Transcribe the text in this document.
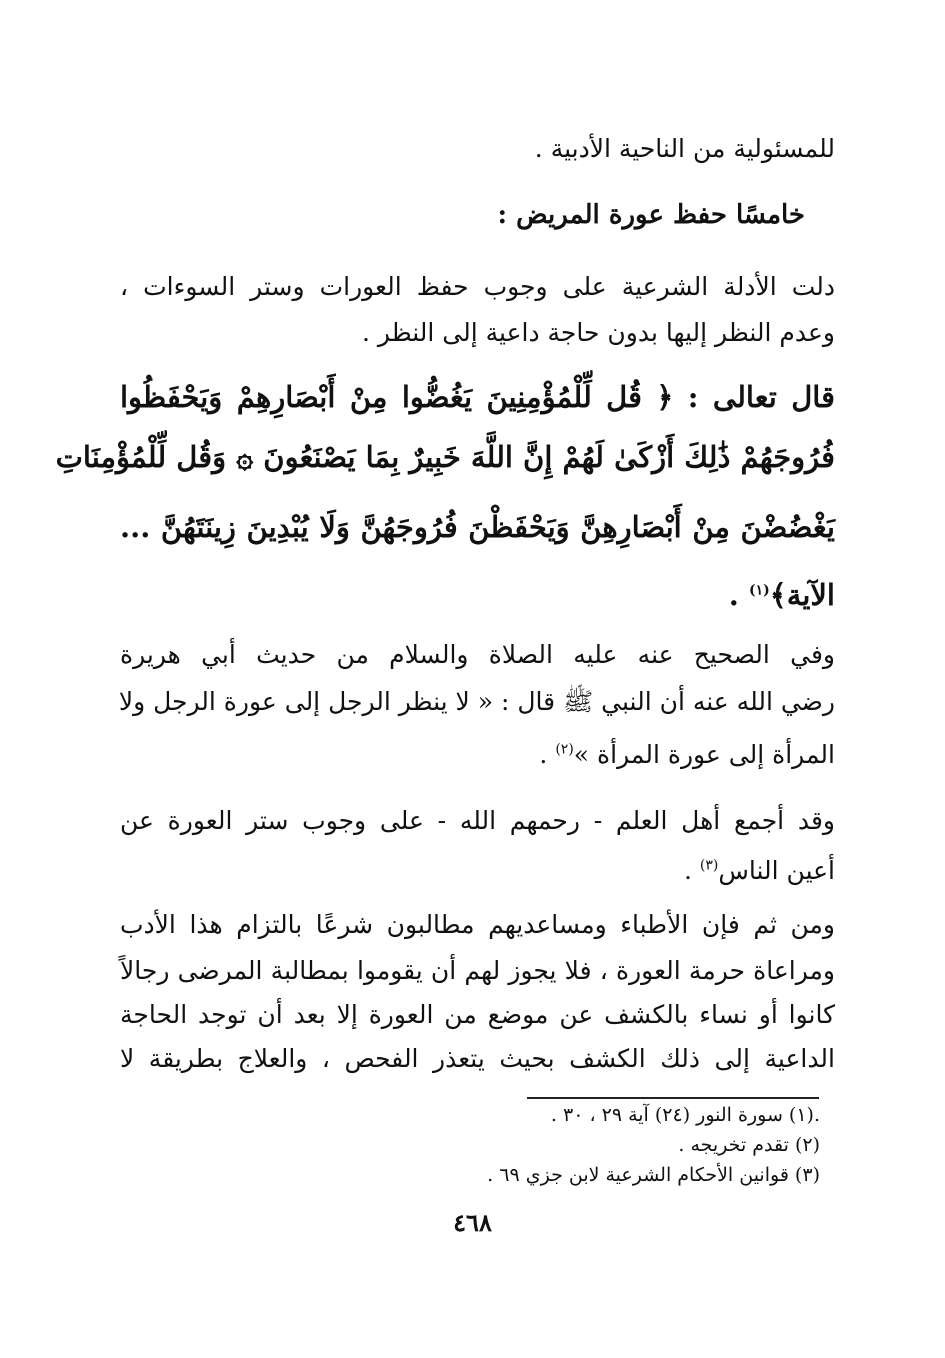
للمسئولية من الناحية الأدبية .

خامسًا حفظ عورة المريض :

دلت الأدلة الشرعية على وجوب حفظ العورات وستر السوءات ،

وعدم النظر إليها بدون حاجة داعية إلى النظر .

قال تعالى : ﴿ قُل لِّلْمُؤْمِنِينَ يَغُضُّوا مِنْ أَبْصَارِهِمْ وَيَحْفَظُوا

فُرُوجَهُمْ ذَٰلِكَ أَزْكَىٰ لَهُمْ إِنَّ اللَّهَ خَبِيرٌ بِمَا يَصْنَعُونَ ۞ وَقُل لِّلْمُؤْمِنَاتِ

يَغْضُضْنَ مِنْ أَبْصَارِهِنَّ وَيَحْفَظْنَ فُرُوجَهُنَّ وَلَا يُبْدِينَ زِينَتَهُنَّ ...

الآية﴾$^{(١)}$ .

وفي الصحيح عنه عليه الصلاة والسلام من حديث أبي هريرة

رضي الله عنه أن النبي ﷺ قال : « لا ينظر الرجل إلى عورة الرجل ولا

المرأة إلى عورة المرأة »$^{(٢)}$ .

وقد أجمع أهل العلم - رحمهم الله - على وجوب ستر العورة عن

أعين الناس$^{(٣)}$ .

ومن ثم فإن الأطباء ومساعديهم مطالبون شرعًا بالتزام هذا الأدب

ومراعاة حرمة العورة ، فلا يجوز لهم أن يقوموا بمطالبة المرضى رجالاً

كانوا أو نساء بالكشف عن موضع من العورة إلا بعد أن توجد الحاجة

الداعية إلى ذلك الكشف بحيث يتعذر الفحص ، والعلاج بطريقة لا

.(١) سورة النور (٢٤) آية ٢٩ ، ٣٠ .

(٢) تقدم تخريجه .

(٣) قوانين الأحكام الشرعية لابن جزي ٦٩ .

٤٦٨
